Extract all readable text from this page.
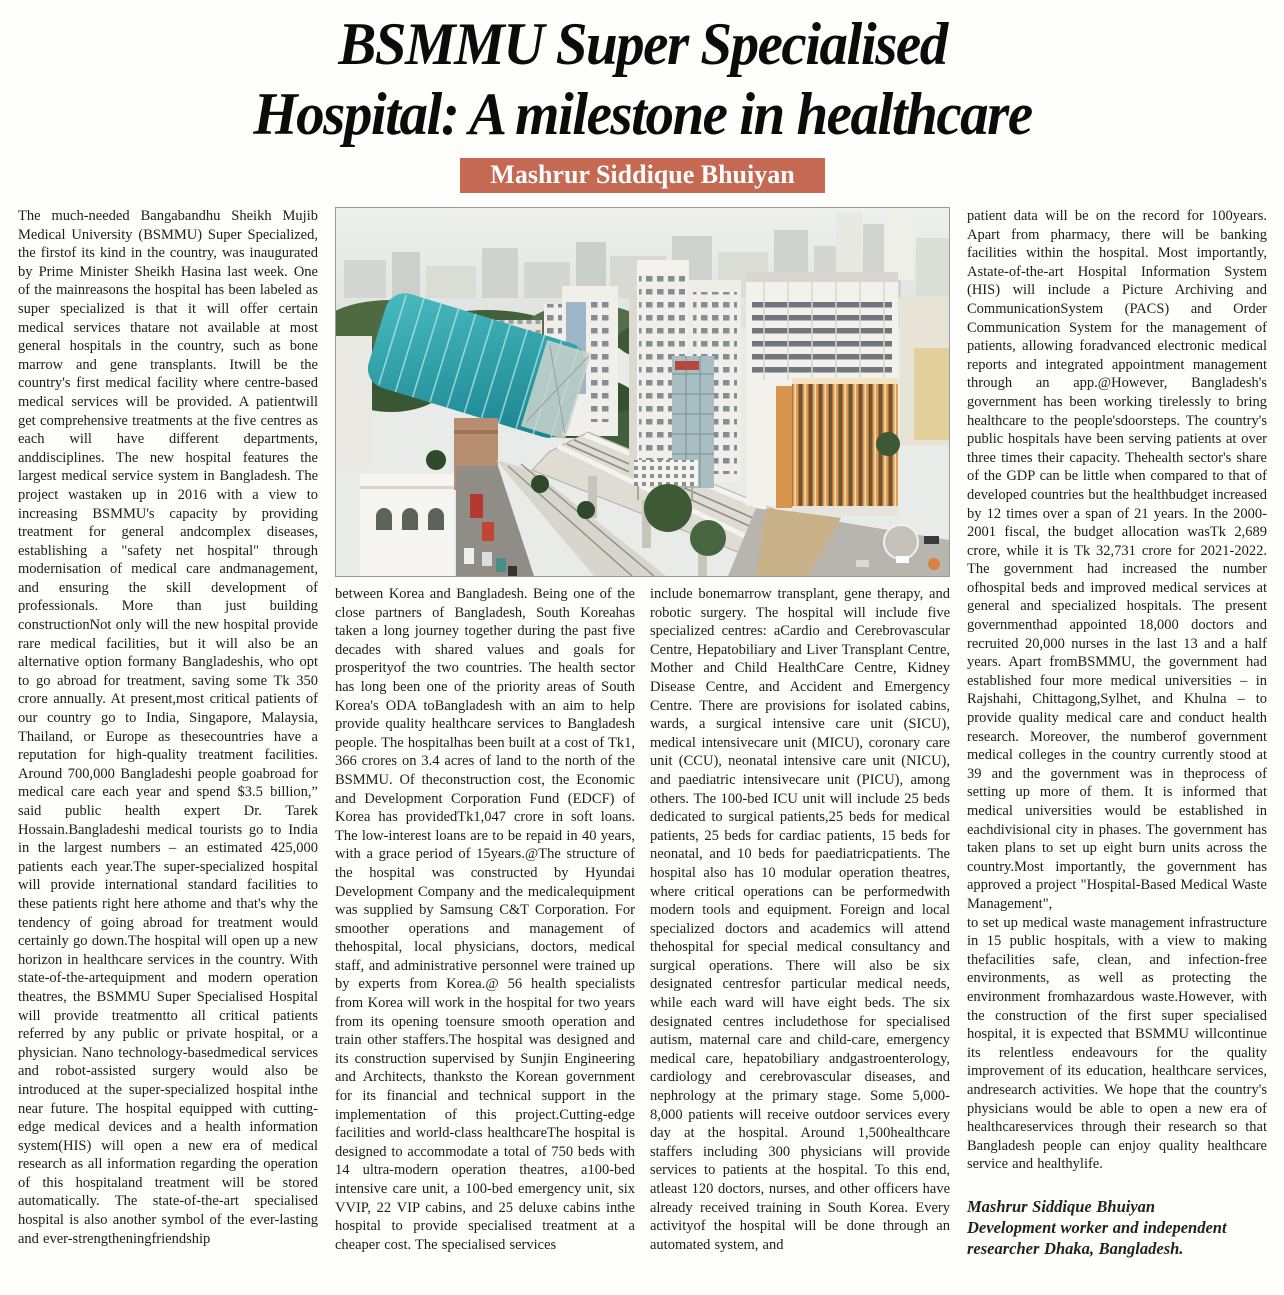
BSMMU Super Specialised
Hospital: A milestone in healthcare
Mashrur Siddique Bhuiyan
The much-needed Bangabandhu Sheikh Mujib Medical University (BSMMU) Super Specialized, the firstof its kind in the country, was inaugurated by Prime Minister Sheikh Hasina last week. One of the mainreasons the hospital has been labeled as super specialized is that it will offer certain medical services thatare not available at most general hospitals in the country, such as bone marrow and gene transplants. Itwill be the country's first medical facility where centre-based medical services will be provided. A patientwill get comprehensive treatments at the five centres as each will have different departments, anddisciplines. The new hospital features the largest medical service system in Bangladesh. The project wastaken up in 2016 with a view to increasing BSMMU's capacity by providing treatment for general andcomplex diseases, establishing a "safety net hospital" through modernisation of medical care andmanagement, and ensuring the skill development of professionals. More than just building constructionNot only will the new hospital provide rare medical facilities, but it will also be an alternative option formany Bangladeshis, who opt to go abroad for treatment, saving some Tk 350 crore annually. At present,most critical patients of our country go to India, Singapore, Malaysia, Thailand, or Europe as thesecountries have a reputation for high-quality treatment facilities. Around 700,000 Bangladeshi people goabroad for medical care each year and spend $3.5 billion,” said public health expert Dr. Tarek Hossain.Bangladeshi medical tourists go to India in the largest numbers – an estimated 425,000 patients each year.The super-specialized hospital will provide international standard facilities to these patients right here athome and that's why the tendency of going abroad for treatment would certainly go down.The hospital will open up a new horizon in healthcare services in the country. With state-of-the-artequipment and modern operation theatres, the BSMMU Super Specialised Hospital will provide treatmentto all critical patients referred by any public or private hospital, or a physician. Nano technology-basedmedical services and robot-assisted surgery would also be introduced at the super-specialized hospital inthe near future. The hospital equipped with cutting-edge medical devices and a health information system(HIS) will open a new era of medical research as all information regarding the operation of this hospitaland treatment will be stored automatically. The state-of-the-art specialised hospital is also another symbol of the ever-lasting and ever-strengtheningfriendship
between Korea and Bangladesh. Being one of the close partners of Bangladesh, South Koreahas taken a long journey together during the past five decades with shared values and goals for prosperityof the two countries. The health sector has long been one of the priority areas of South Korea's ODA toBangladesh with an aim to help provide quality healthcare services to Bangladesh people. The hospitalhas been built at a cost of Tk1, 366 crores on 3.4 acres of land to the north of the BSMMU. Of theconstruction cost, the Economic and Development Corporation Fund (EDCF) of Korea has providedTk1,047 crore in soft loans. The low-interest loans are to be repaid in 40 years, with a grace period of 15years.@The structure of the hospital was constructed by Hyundai Development Company and the medicalequipment was supplied by Samsung C&T Corporation. For smoother operations and management of thehospital, local physicians, doctors, medical staff, and administrative personnel were trained up by experts from Korea.@ 56 health specialists from Korea will work in the hospital for two years from its opening toensure smooth operation and train other staffers.The hospital was designed and its construction supervised by Sunjin Engineering and Architects, thanksto the Korean government for its financial and technical support in the implementation of this project.Cutting-edge facilities and world-class healthcareThe hospital is designed to accommodate a total of 750 beds with 14 ultra-modern operation theatres, a100-bed intensive care unit, a 100-bed emergency unit, six VVIP, 22 VIP cabins, and 25 deluxe cabins inthe hospital to provide specialised treatment at a cheaper cost. The specialised services
include bonemarrow transplant, gene therapy, and robotic surgery. The hospital will include five specialized centres: aCardio and Cerebrovascular Centre, Hepatobiliary and Liver Transplant Centre, Mother and Child HealthCare Centre, Kidney Disease Centre, and Accident and Emergency Centre. There are provisions for isolated cabins, wards, a surgical intensive care unit (SICU), medical intensivecare unit (MICU), coronary care unit (CCU), neonatal intensive care unit (NICU), and paediatric intensivecare unit (PICU), among others. The 100-bed ICU unit will include 25 beds dedicated to surgical patients,25 beds for medical patients, 25 beds for cardiac patients, 15 beds for neonatal, and 10 beds for paediatricpatients. The hospital also has 10 modular operation theatres, where critical operations can be performedwith modern tools and equipment. Foreign and local specialized doctors and academics will attend thehospital for special medical consultancy and surgical operations. There will also be six designated centresfor particular medical needs, while each ward will have eight beds. The six designated centres includethose for specialised autism, maternal care and child-care, emergency medical care, hepatobiliary andgastroenterology, cardiology and cerebrovascular diseases, and nephrology at the primary stage. Some 5,000-8,000 patients will receive outdoor services every day at the hospital. Around 1,500healthcare staffers including 300 physicians will provide services to patients at the hospital. To this end, atleast 120 doctors, nurses, and other officers have already received training in South Korea. Every activityof the hospital will be done through an automated system, and

patient data will be on the record for 100years. Apart from pharmacy, there will be banking facilities within the hospital. Most importantly, Astate-of-the-art Hospital Information System (HIS) will include a Picture Archiving and CommunicationSystem (PACS) and Order Communication System for the management of patients, allowing foradvanced electronic medical reports and integrated appointment management through an app.@However, Bangladesh's government has been working tirelessly to bring healthcare to the people'sdoorsteps. The country's public hospitals have been serving patients at over three times their capacity. Thehealth sector's share of the GDP can be little when compared to that of developed countries but the healthbudget increased by 12 times over a span of 21 years. In the 2000-2001 fiscal, the budget allocation wasTk 2,689 crore, while it is Tk 32,731 crore for 2021-2022. The government had increased the number ofhospital beds and improved medical services at general and specialized hospitals. The present governmenthad appointed 18,000 doctors and recruited 20,000 nurses in the last 13 and a half years. Apart fromBSMMU, the government had established four more medical universities – in Rajshahi, Chittagong,Sylhet, and Khulna – to provide quality medical care and conduct health research. Moreover, the numberof government medical colleges in the country currently stood at 39 and the government was in theprocess of setting up more of them. It is informed that medical universities would be established in eachdivisional city in phases. The government has taken plans to set up eight burn units across the country.Most importantly, the government has approved a project "Hospital-Based Medical Waste Management",

to set up medical waste management infrastructure in 15 public hospitals, with a view to making thefacilities safe, clean, and infection-free environments, as well as protecting the environment fromhazardous waste.However, with the construction of the first super specialised hospital, it is expected that BSMMU willcontinue its relentless endeavours for the quality improvement of its education, healthcare services, andresearch activities. We hope that the country's physicians would be able to open a new era of healthcareservices through their research so that Bangladesh people can enjoy quality healthcare service and healthylife.

Mashrur Siddique Bhuiyan
Development worker and independent researcher Dhaka, Bangladesh.
